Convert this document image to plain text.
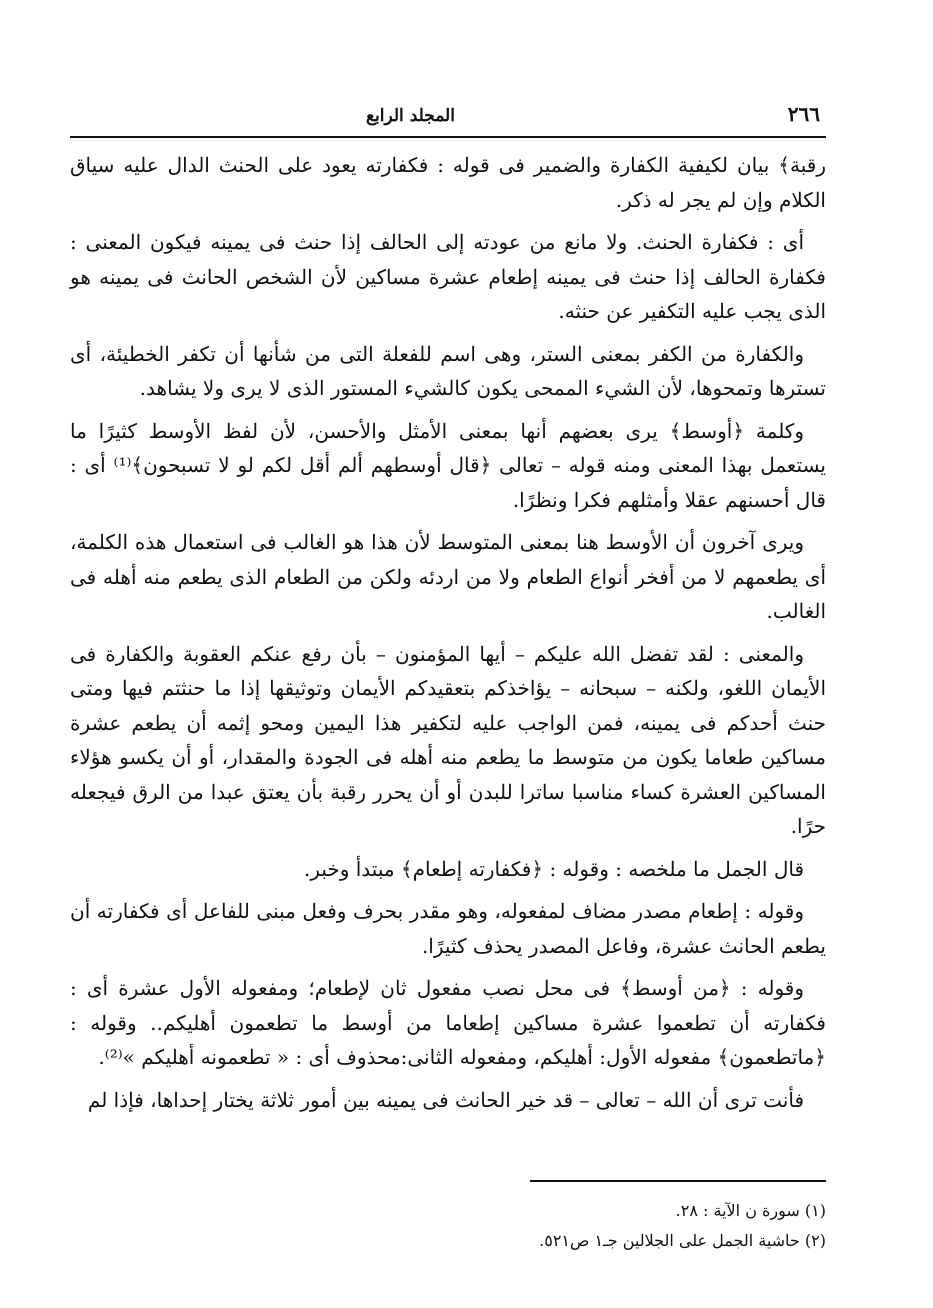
٢٦٦
المجلد الرابع

رقبة﴾ بيان لكيفية الكفارة والضمير فى قوله : فكفارته يعود على الحنث الدال عليه سياق الكلام وإن لم يجر له ذكر.

أى : فكفارة الحنث. ولا مانع من عودته إلى الحالف إذا حنث فى يمينه فيكون المعنى : فكفارة الحالف إذا حنث فى يمينه إطعام عشرة مساكين لأن الشخص الحانث فى يمينه هو الذى يجب عليه التكفير عن حنثه.

والكفارة من الكفر بمعنى الستر، وهى اسم للفعلة التى من شأنها أن تكفر الخطيئة، أى تسترها وتمحوها، لأن الشيء الممحى يكون كالشيء المستور الذى لا يرى ولا يشاهد.

وكلمة ﴿أوسط﴾ يرى بعضهم أنها بمعنى الأمثل والأحسن، لأن لفظ الأوسط كثيرًا ما يستعمل بهذا المعنى ومنه قوله – تعالى ﴿قال أوسطهم ألم أقل لكم لو لا تسبحون﴾⁽¹⁾ أى : قال أحسنهم عقلا وأمثلهم فكرا ونظرًا.

ويرى آخرون أن الأوسط هنا بمعنى المتوسط لأن هذا هو الغالب فى استعمال هذه الكلمة، أى يطعمهم لا من أفخر أنواع الطعام ولا من اردئه ولكن من الطعام الذى يطعم منه أهله فى الغالب.

والمعنى : لقد تفضل الله عليكم – أيها المؤمنون – بأن رفع عنكم العقوبة والكفارة فى الأيمان اللغو، ولكنه – سبحانه – يؤاخذكم بتعقيدكم الأيمان وتوثيقها إذا ما حنثتم فيها ومتى حنث أحدكم فى يمينه، فمن الواجب عليه لتكفير هذا اليمين ومحو إثمه أن يطعم عشرة مساكين طعاما يكون من متوسط ما يطعم منه أهله فى الجودة والمقدار، أو أن يكسو هؤلاء المساكين العشرة كساء مناسبا ساترا للبدن أو أن يحرر رقبة بأن يعتق عبدا من الرق فيجعله حرًا.

قال الجمل ما ملخصه : وقوله : ﴿فكفارته إطعام﴾ مبتدأ وخبر.

وقوله : إطعام مصدر مضاف لمفعوله، وهو مقدر بحرف وفعل مبنى للفاعل أى فكفارته أن يطعم الحانث عشرة، وفاعل المصدر يحذف كثيرًا.

وقوله : ﴿من أوسط﴾ فى محل نصب مفعول ثان لإطعام؛ ومفعوله الأول عشرة أى : فكفارته أن تطعموا عشرة مساكين إطعاما من أوسط ما تطعمون أهليكم.. وقوله : ﴿ماتطعمون﴾ مفعوله الأول: أهليكم، ومفعوله الثانى:محذوف أى : « تطعمونه أهليكم »⁽²⁾.

فأنت ترى أن الله – تعالى – قد خير الحانث فى يمينه بين أمور ثلاثة يختار إحداها، فإذا لم

(١) سورة ن الآية : ٢٨.

(٢) حاشية الجمل على الجلالين جـ١ ص٥٢١.
